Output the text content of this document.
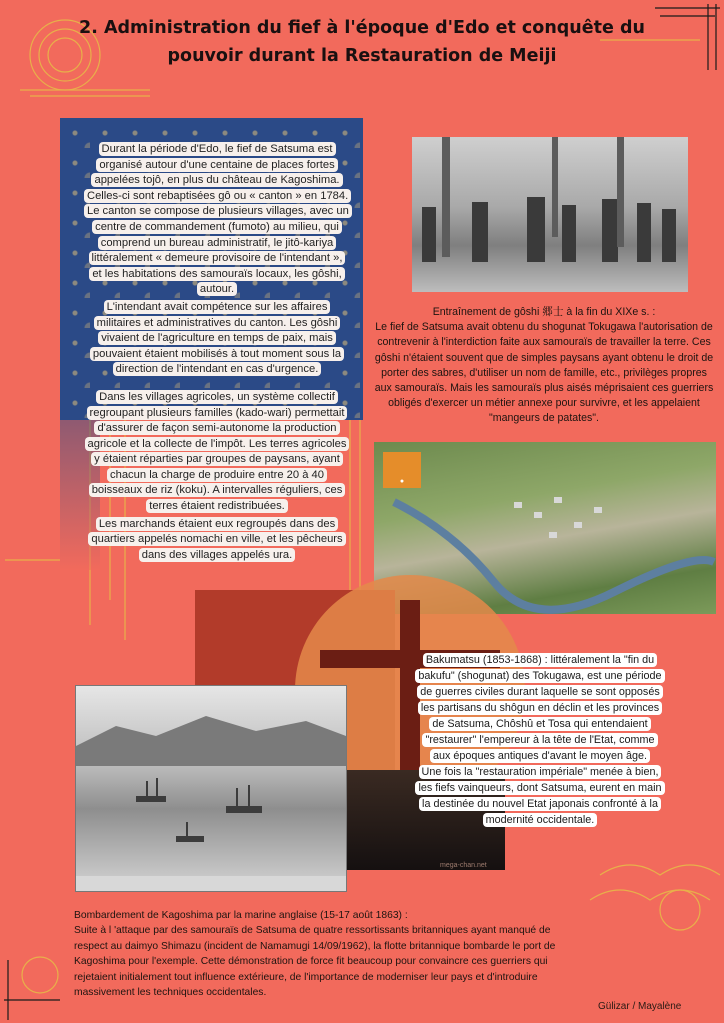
2. Administration du fief à l'époque d'Edo et conquête du pouvoir durant la Restauration de Meiji

Durant la période d'Edo, le fief de Satsuma est organisé autour d'une centaine de places fortes appelées tojô, en plus du château de Kagoshima. Celles-ci sont rebaptisées gô ou « canton » en 1784. Le canton se compose de plusieurs villages, avec un centre de commandement (fumoto) au milieu, qui comprend un bureau administratif, le jitô-kariya littéralement « demeure provisoire de l'intendant », et les habitations des samouraïs locaux, les gôshi, autour.

L'intendant avait compétence sur les affaires militaires et administratives du canton. Les gôshi vivaient de l'agriculture en temps de paix, mais pouvaient étaient mobilisés à tout moment sous la direction de l'intendant en cas d'urgence.

Dans les villages agricoles, un système collectif regroupant plusieurs familles (kado-wari) permettait d'assurer de façon semi-autonome la production agricole et la collecte de l'impôt. Les terres agricoles y étaient réparties par groupes de paysans, ayant chacun la charge de produire entre 20 à 40 boisseaux de riz (koku). A intervalles réguliers, ces terres étaient redistribuées.

Les marchands étaient eux regroupés dans des quartiers appelés nomachi en ville, et les pêcheurs dans des villages appelés ura.

Entraînement de gôshi 郷士 à la fin du XIXe s. :
Le fief de Satsuma avait obtenu du shogunat Tokugawa l'autorisation de contrevenir à l'interdiction faite aux samouraïs de travailler la terre. Ces gôshi n'étaient souvent que de simples paysans ayant obtenu le droit de porter des sabres, d'utiliser un nom de famille, etc., privilèges propres aux samouraïs. Mais les samouraïs plus aisés méprisaient ces guerriers obligés d'exercer un métier annexe pour survivre, et les appelaient "mangeurs de patates".
●
mega-chan.net

Bakumatsu (1853-1868) : littéralement la "fin du bakufu" (shogunat) des Tokugawa, est une période de guerres civiles durant laquelle se sont opposés les partisans du shôgun en déclin et les provinces de Satsuma, Chôshû et Tosa qui entendaient "restaurer" l'empereur à la tête de l'Etat, comme aux époques antiques d'avant le moyen âge.

Une fois la "restauration impériale" menée à bien, les fiefs vainqueurs, dont Satsuma, eurent en main la destinée du nouvel Etat japonais confronté à la modernité occidentale.

Bombardement de Kagoshima par la marine anglaise (15-17 août 1863) :

Suite à l 'attaque par des samouraïs de Satsuma de quatre ressortissants britanniques ayant manqué de respect au daimyo Shimazu (incident de Namamugi 14/09/1962), la flotte britannique bombarde le port de Kagoshima pour l'exemple. Cette démonstration de force fit beaucoup pour convaincre ces guerriers qui rejetaient initialement tout influence extérieure, de l'importance de moderniser leur pays et d'introduire massivement les techniques occidentales.

Gülizar / Mayalène
